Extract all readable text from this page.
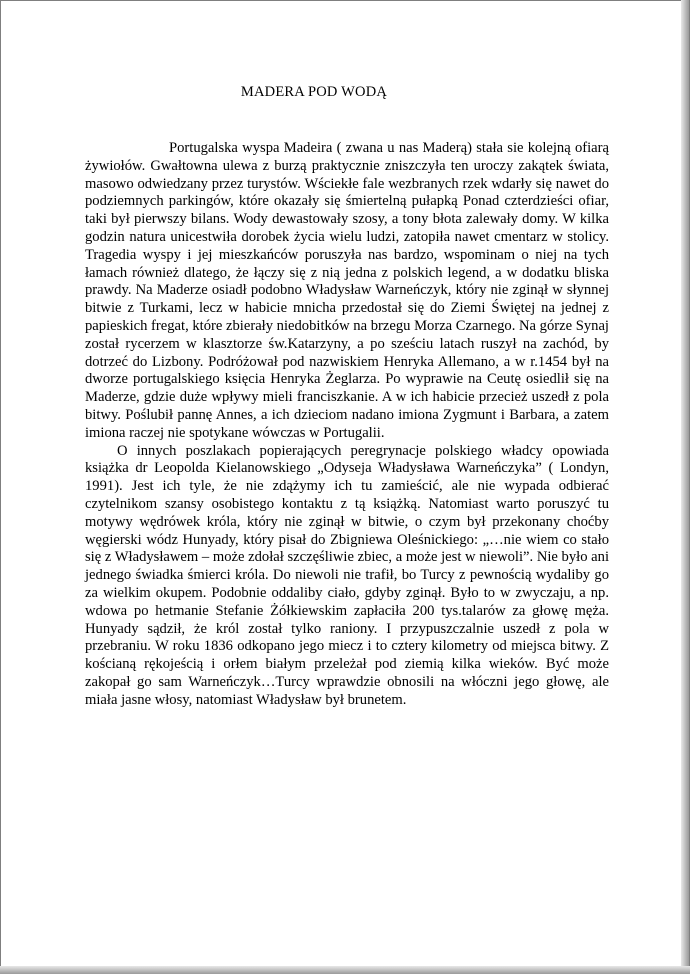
MADERA POD WODĄ

Portugalska wyspa Madeira ( zwana u nas Maderą) stała sie kolejną ofiarą żywiołów. Gwałtowna ulewa z burzą praktycznie zniszczyła ten uroczy zakątek świata, masowo odwiedzany przez turystów. Wściekłe fale wezbranych rzek wdarły się nawet do podziemnych parkingów, które okazały się śmiertelną pułapką Ponad czterdzieści ofiar, taki był pierwszy bilans. Wody dewastowały szosy, a tony błota zalewały domy. W kilka godzin natura unicestwiła dorobek życia wielu ludzi, zatopiła nawet cmentarz w stolicy. Tragedia wyspy i jej mieszkańców poruszyła nas bardzo, wspominam o niej na tych łamach również dlatego, że łączy się z nią jedna z polskich legend, a w dodatku bliska prawdy. Na Maderze osiadł podobno Władysław Warneńczyk, który nie zginął w słynnej bitwie z Turkami, lecz w habicie mnicha przedostał się do Ziemi Świętej na jednej z papieskich fregat, które zbierały niedobitków na brzegu Morza Czarnego. Na górze Synaj został rycerzem w klasztorze św.Katarzyny, a po sześciu latach ruszył na zachód, by dotrzeć do Lizbony. Podróżował pod nazwiskiem Henryka Allemano, a w r.1454 był na dworze portugalskiego księcia Henryka Żeglarza. Po wyprawie na Ceutę osiedlił się na Maderze, gdzie duże wpływy mieli franciszkanie. A w ich habicie przecież uszedł z pola bitwy. Poślubił pannę Annes, a ich dzieciom nadano imiona Zygmunt i Barbara, a zatem imiona raczej nie spotykane wówczas w Portugalii.

O innych poszlakach popierających peregrynacje polskiego władcy opowiada książka dr Leopolda Kielanowskiego „Odyseja Władysława Warneńczyka” ( Londyn, 1991). Jest ich tyle, że nie zdążymy ich tu zamieścić, ale nie wypada odbierać czytelnikom szansy osobistego kontaktu z tą książką. Natomiast warto poruszyć tu motywy wędrówek króla, który nie zginął w bitwie, o czym był przekonany choćby węgierski wódz Hunyady, który pisał do Zbigniewa Oleśnickiego: „…nie wiem co stało się z Władysławem – może zdołał szczęśliwie zbiec, a może jest w niewoli”. Nie było ani jednego świadka śmierci króla. Do niewoli nie trafił, bo Turcy z pewnością wydaliby go za wielkim okupem. Podobnie oddaliby ciało, gdyby zginął. Było to w zwyczaju, a np. wdowa po hetmanie Stefanie Żółkiewskim zapłaciła 200 tys.talarów za głowę męża. Hunyady sądził, że król został tylko raniony. I przypuszczalnie uszedł z pola w przebraniu. W roku 1836 odkopano jego miecz i to cztery kilometry od miejsca bitwy. Z kościaną rękojeścią i orłem białym przeleżał pod ziemią kilka wieków. Być może zakopał go sam Warneńczyk…Turcy wprawdzie obnosili na włóczni jego głowę, ale miała jasne włosy, natomiast Władysław był brunetem.
